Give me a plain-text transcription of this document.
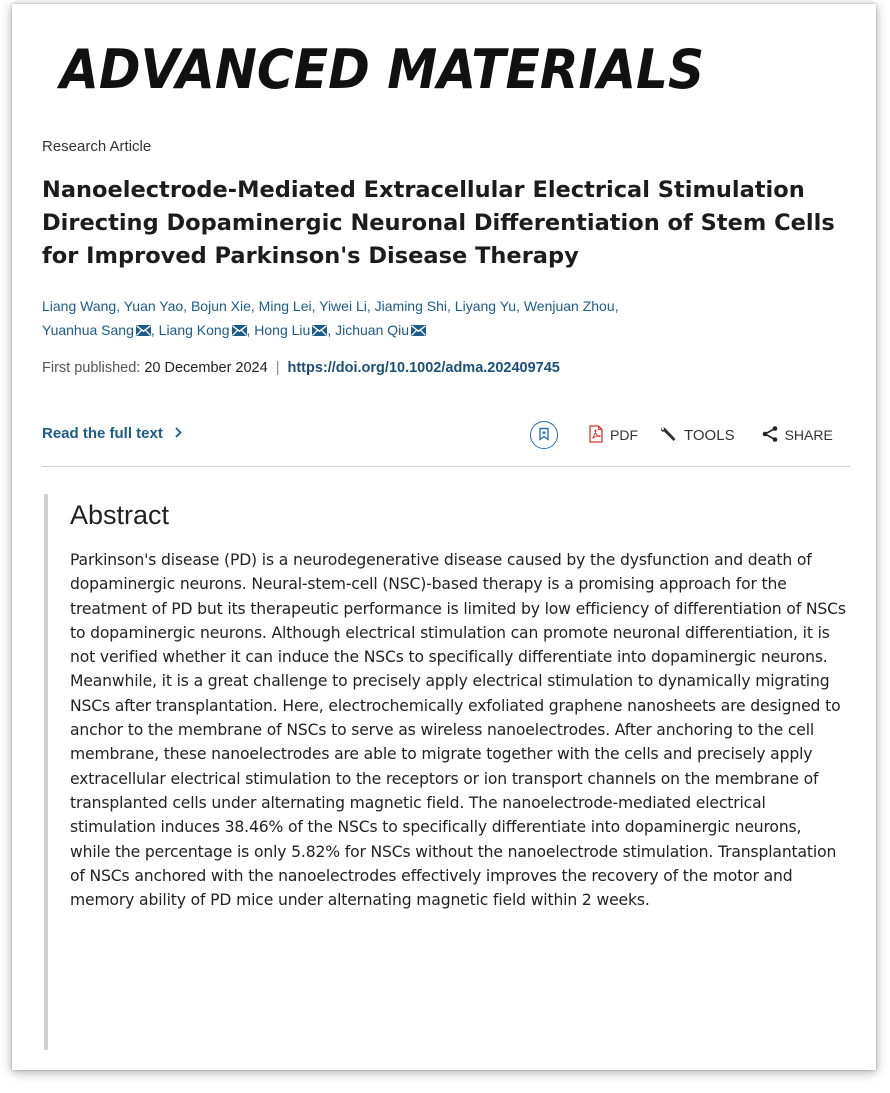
ADVANCED MATERIALS
Research Article
Nanoelectrode-Mediated Extracellular Electrical Stimulation Directing Dopaminergic Neuronal Differentiation of Stem Cells for Improved Parkinson's Disease Therapy
Liang Wang, Yuan Yao, Bojun Xie, Ming Lei, Yiwei Li, Jiaming Shi, Liyang Yu, Wenjuan Zhou,
Yuanhua Sang , Liang Kong , Hong Liu , Jichuan Qiu
First published: 20 December 2024 | https://doi.org/10.1002/adma.202409745
Read the full text	PDF	TOOLS	SHARE
Abstract

Parkinson's disease (PD) is a neurodegenerative disease caused by the dysfunction and death of dopaminergic neurons. Neural-stem-cell (NSC)-based therapy is a promising approach for the treatment of PD but its therapeutic performance is limited by low efficiency of differentiation of NSCs to dopaminergic neurons. Although electrical stimulation can promote neuronal differentiation, it is not verified whether it can induce the NSCs to specifically differentiate into dopaminergic neurons. Meanwhile, it is a great challenge to precisely apply electrical stimulation to dynamically migrating NSCs after transplantation. Here, electrochemically exfoliated graphene nanosheets are designed to anchor to the membrane of NSCs to serve as wireless nanoelectrodes. After anchoring to the cell membrane, these nanoelectrodes are able to migrate together with the cells and precisely apply extracellular electrical stimulation to the receptors or ion transport channels on the membrane of transplanted cells under alternating magnetic field. The nanoelectrode-mediated electrical stimulation induces 38.46% of the NSCs to specifically differentiate into dopaminergic neurons, while the percentage is only 5.82% for NSCs without the nanoelectrode stimulation. Transplantation of NSCs anchored with the nanoelectrodes effectively improves the recovery of the motor and memory ability of PD mice under alternating magnetic field within 2 weeks.
